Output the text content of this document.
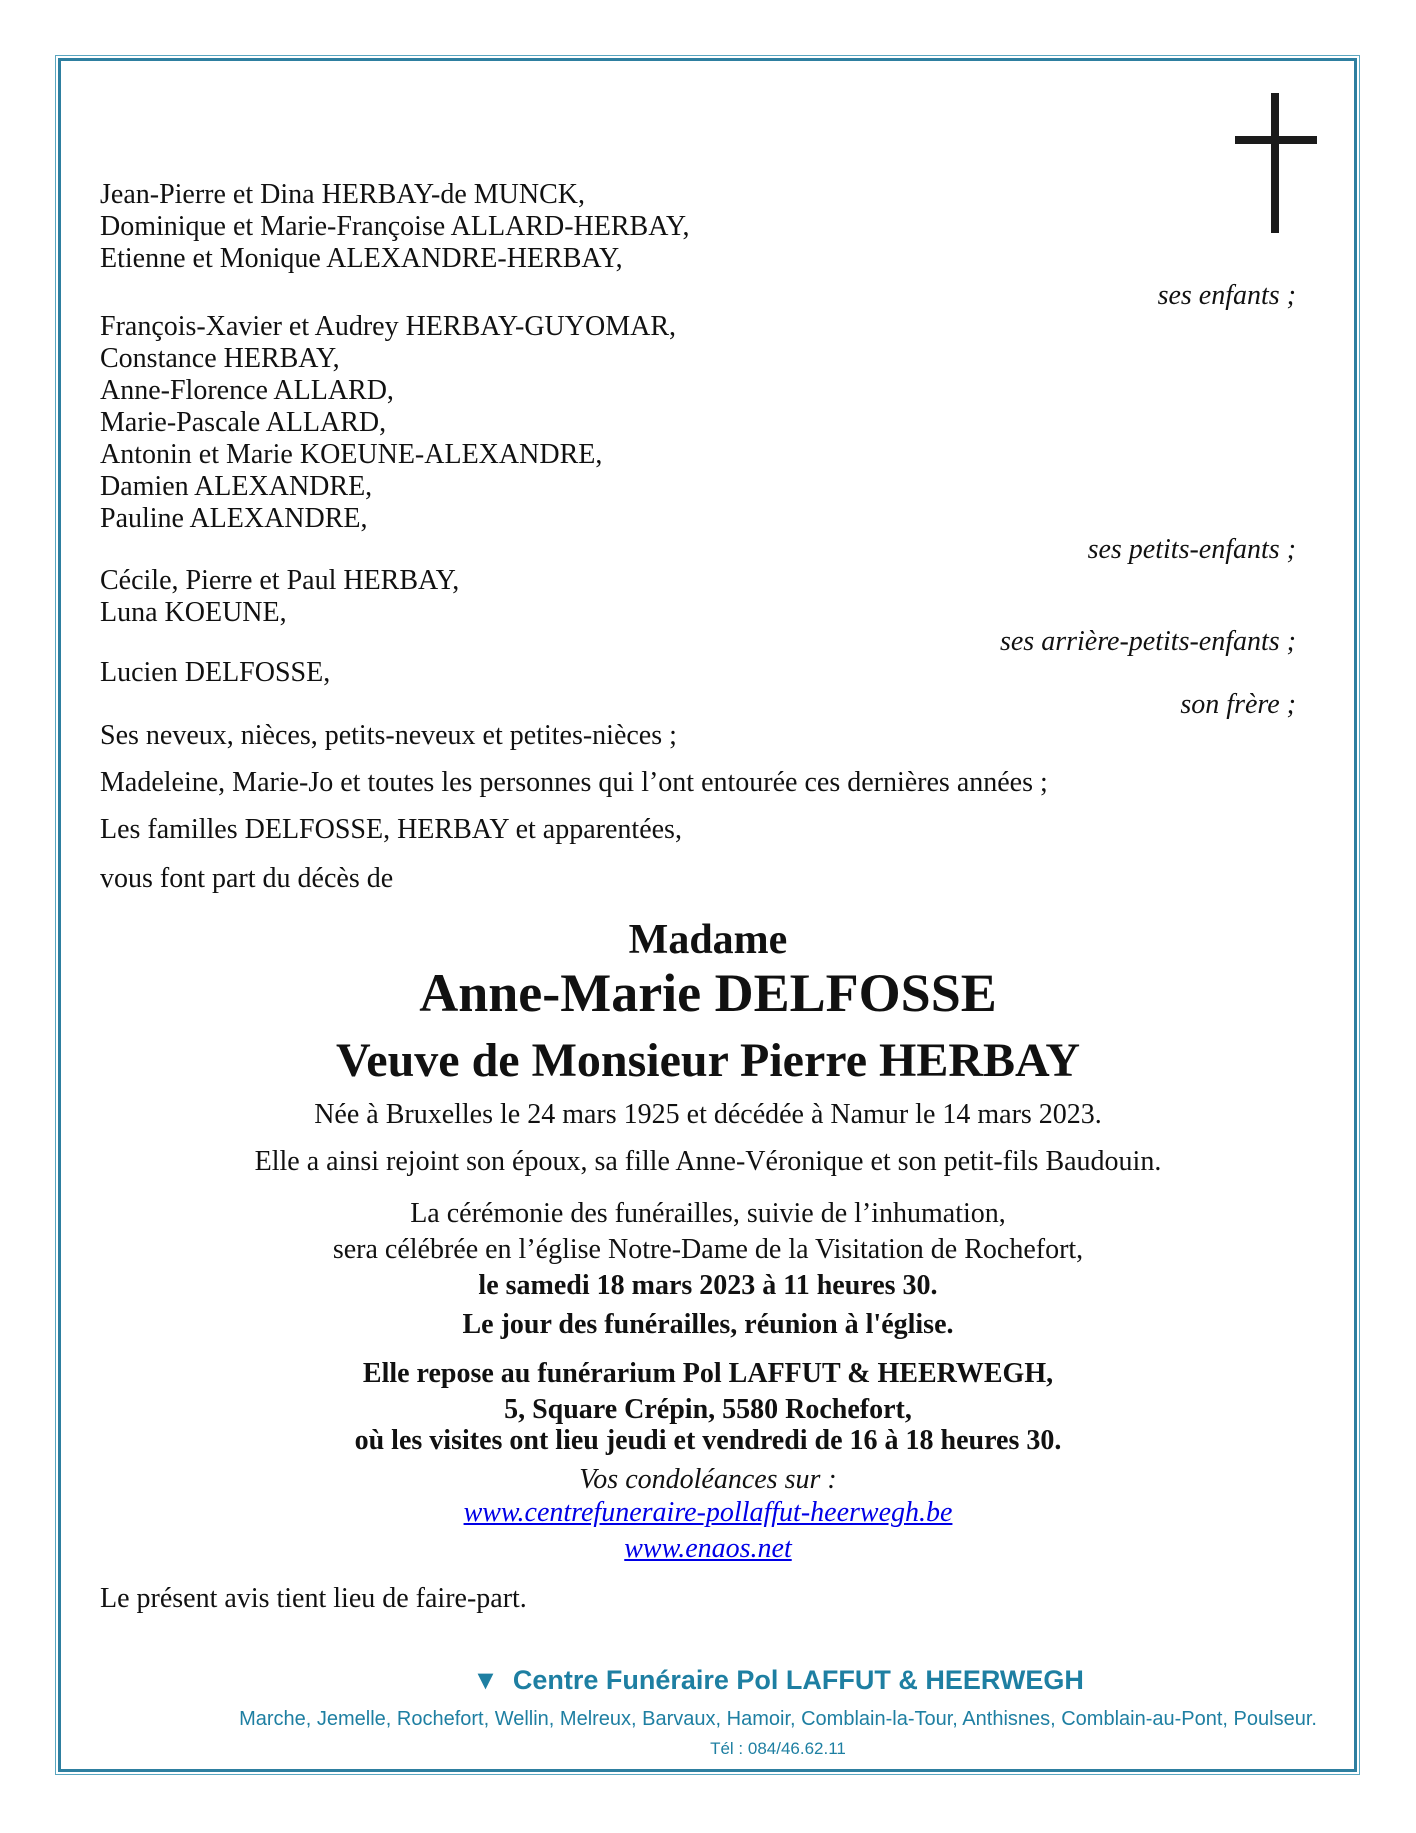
Jean-Pierre et Dina HERBAY-de MUNCK,
Dominique et Marie-Françoise ALLARD-HERBAY,
Etienne et Monique ALEXANDRE-HERBAY,
ses enfants ;
François-Xavier et Audrey HERBAY-GUYOMAR,
Constance HERBAY,
Anne-Florence ALLARD,
Marie-Pascale ALLARD,
Antonin et Marie KOEUNE-ALEXANDRE,
Damien ALEXANDRE,
Pauline ALEXANDRE,
ses petits-enfants ;
Cécile, Pierre et Paul HERBAY,
Luna KOEUNE,
ses arrière-petits-enfants ;
Lucien DELFOSSE,
son frère ;
Ses neveux, nièces, petits-neveux et petites-nièces ;
Madeleine, Marie-Jo et toutes les personnes qui l’ont entourée ces dernières années ;
Les familles DELFOSSE, HERBAY et apparentées,
vous font part du décès de
Madame
Anne-Marie DELFOSSE
Veuve de Monsieur Pierre HERBAY
Née à Bruxelles le 24 mars 1925 et décédée à Namur le 14 mars 2023.
Elle a ainsi rejoint son époux, sa fille Anne-Véronique et son petit-fils Baudouin.
La cérémonie des funérailles, suivie de l’inhumation,
sera célébrée en l’église Notre-Dame de la Visitation de Rochefort,
le samedi 18 mars 2023 à 11 heures 30.
Le jour des funérailles, réunion à l'église.
Elle repose au funérarium Pol LAFFUT & HEERWEGH,
5, Square Crépin, 5580 Rochefort,
où les visites ont lieu jeudi et vendredi de 16 à 18 heures 30.
Vos condoléances sur :
www.centrefuneraire-pollaffut-heerwegh.be
www.enaos.net
Le présent avis tient lieu de faire-part.
▼ Centre Funéraire Pol LAFFUT & HEERWEGH
Marche, Jemelle, Rochefort, Wellin, Melreux, Barvaux, Hamoir, Comblain-la-Tour, Anthisnes, Comblain-au-Pont, Poulseur.
Tél : 084/46.62.11
